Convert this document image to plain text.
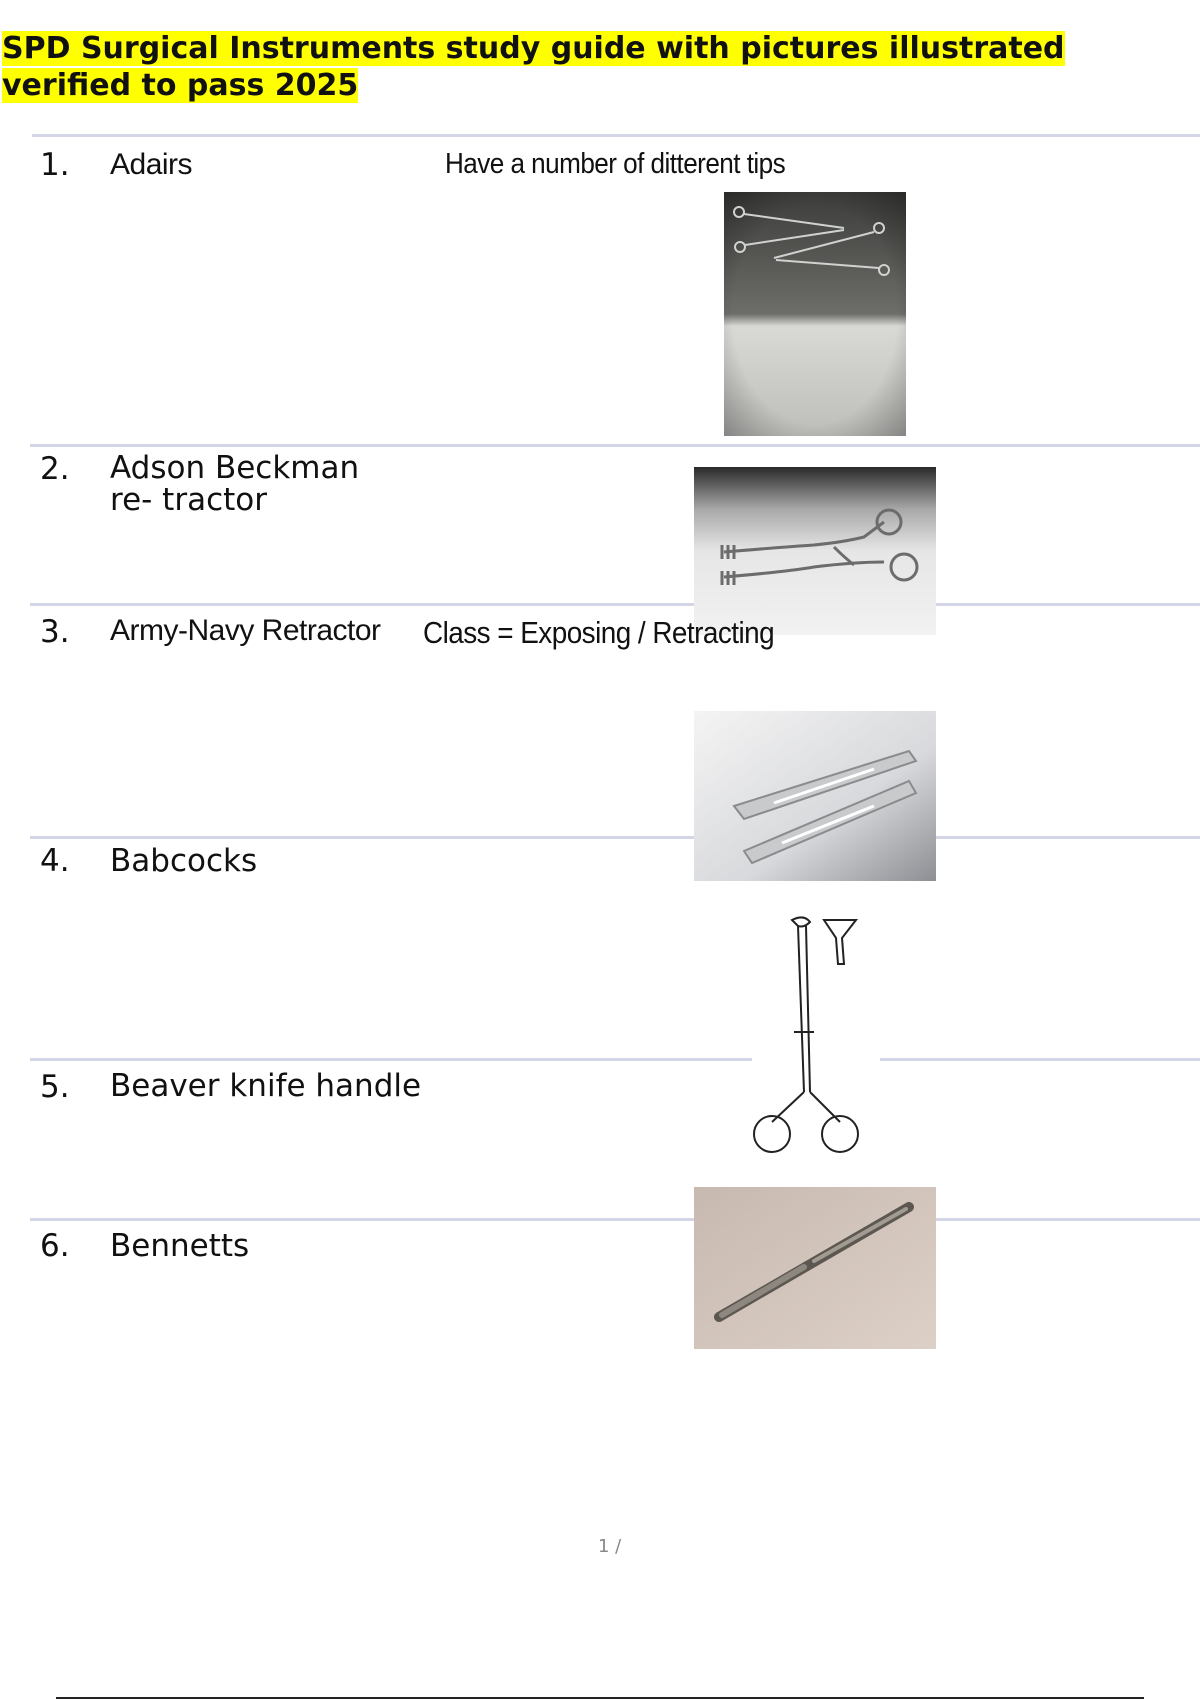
SPD Surgical Instruments study guide with pictures illustrated
verified to pass 2025
1. Adairs	Have a number of ditterent tips
2. Adson Beckman
re- tractor
3. Army-Navy Retractor Class = Exposing / Retracting
4. Babcocks
5. Beaver knife handle
6. Bennetts
1 /
